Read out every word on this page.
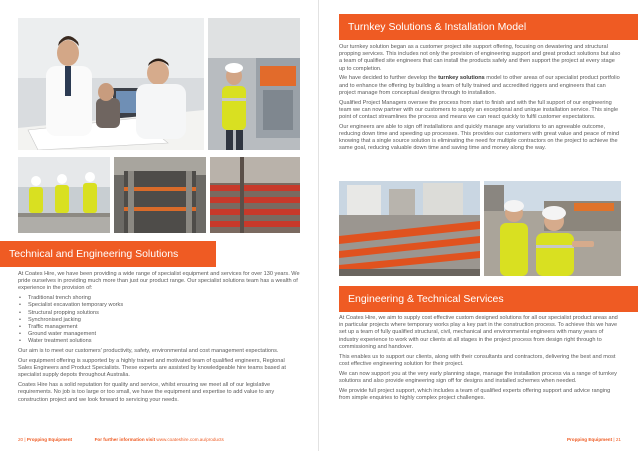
Technical and Engineering Solutions

At Coates Hire, we have been providing a wide range of specialist equipment and services for over 130 years. We pride ourselves in providing much more than just our product range. Our specialist solutions team has a wealth of experience in the provision of:

• Traditional trench shoring
• Specialist excavation temporary works
• Structural propping solutions
• Synchronised jacking
• Traffic management
• Ground water management
• Water treatment solutions

Our aim is to meet our customers' productivity, safety, environmental and cost management expectations.

Our equipment offering is supported by a highly trained and motivated team of qualified engineers, Regional Sales Engineers and Product Specialists. These experts are assisted by knowledgeable hire teams based at specialist supply depots throughout Australia.

Coates Hire has a solid reputation for quality and service, whilst ensuring we meet all of our legislative requirements. No job is too large or too small, we have the equipment and expertise to add value to any construction project and we look forward to servicing your needs.

20 | Propping Equipment	For further information visit www.coateshire.com.au/products

Our turnkey solution began as a customer project site support offering, focusing on dewatering and structural propping services. This includes not only the provision of engineering support and great product solutions but also a team of qualified site engineers that can install the products safely and then support the project at every stage up to completion.

We have decided to further develop the turnkey solutions model to other areas of our specialist product portfolio and to enhance the offering by building a team of fully trained and accredited riggers and engineers that can project manage from conceptual designs through to installation.

Qualified Project Managers oversee the process from start to finish and with the full support of our engineering team we can now partner with our customers to supply an exceptional and unique installation service. This single point of contact streamlines the process and means we can react quickly to fulfil customer expectations.

Our engineers are able to sign off installations and quickly manage any variations to an agreeable outcome, reducing down time and speeding up processes. This provides our customers with great value and peace of mind knowing that a single source solution is eliminating the need for multiple contractors on the project to achieve the same goal, reducing valuable down time and saving time and money along the way.

At Coates Hire, we aim to supply cost effective custom designed solutions for all our specialist product areas and in particular projects where temporary works play a key part in the construction process. To achieve this we have set up a team of fully qualified structural, civil, mechanical and environmental engineers with many years of industry experience to work with our clients at all stages in the project process from design right through to commissioning and handover.

This enables us to support our clients, along with their consultants and contractors, delivering the best and most cost effective engineering solution for their project.

We can now support you at the very early planning stage, manage the installation process via a range of turnkey solutions and also provide engineering sign off for designs and installed schemes when needed.

We provide full project support, which includes a team of qualified experts offering support and advice ranging from simple enquiries to highly complex project challenges.

Propping Equipment | 21
Turnkey Solutions & Installation Model
Engineering & Technical Services
